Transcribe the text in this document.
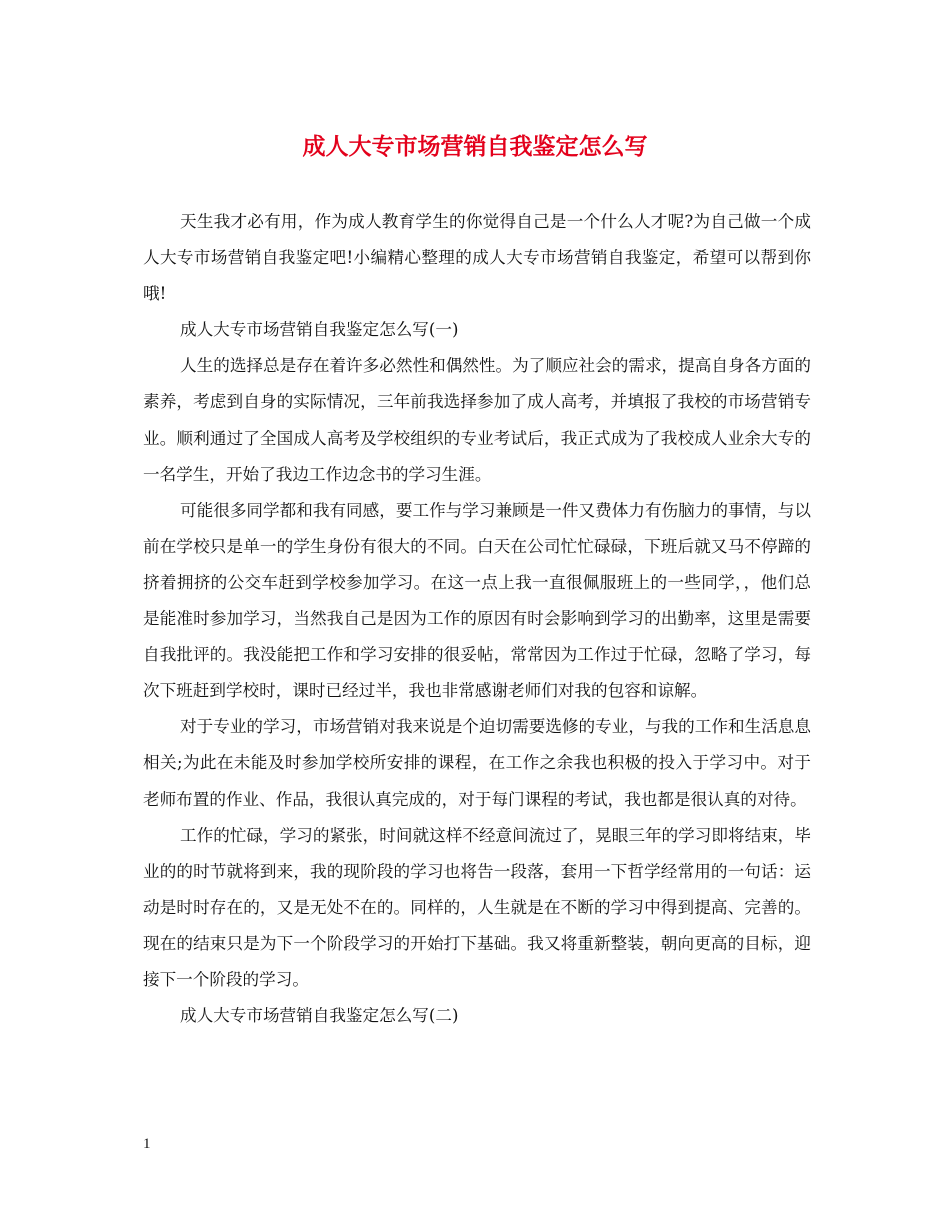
成人大专市场营销自我鉴定怎么写

天生我才必有用，作为成人教育学生的你觉得自己是一个什么人才呢?为自己做一个成人大专市场营销自我鉴定吧!小编精心整理的成人大专市场营销自我鉴定，希望可以帮到你哦!

成人大专市场营销自我鉴定怎么写(一)

人生的选择总是存在着许多必然性和偶然性。为了顺应社会的需求，提高自身各方面的素养，考虑到自身的实际情况，三年前我选择参加了成人高考，并填报了我校的市场营销专业。顺利通过了全国成人高考及学校组织的专业考试后，我正式成为了我校成人业余大专的一名学生，开始了我边工作边念书的学习生涯。

可能很多同学都和我有同感，要工作与学习兼顾是一件又费体力有伤脑力的事情，与以前在学校只是单一的学生身份有很大的不同。白天在公司忙忙碌碌，下班后就又马不停蹄的挤着拥挤的公交车赶到学校参加学习。在这一点上我一直很佩服班上的一些同学，，他们总是能准时参加学习，当然我自己是因为工作的原因有时会影响到学习的出勤率，这里是需要自我批评的。我没能把工作和学习安排的很妥帖，常常因为工作过于忙碌，忽略了学习，每次下班赶到学校时，课时已经过半，我也非常感谢老师们对我的包容和谅解。

对于专业的学习，市场营销对我来说是个迫切需要选修的专业，与我的工作和生活息息相关;为此在未能及时参加学校所安排的课程，在工作之余我也积极的投入于学习中。对于老师布置的作业、作品，我很认真完成的，对于每门课程的考试，我也都是很认真的对待。

工作的忙碌，学习的紧张，时间就这样不经意间流过了，晃眼三年的学习即将结束，毕业的的时节就将到来，我的现阶段的学习也将告一段落，套用一下哲学经常用的一句话：运动是时时存在的，又是无处不在的。同样的，人生就是在不断的学习中得到提高、完善的。现在的结束只是为下一个阶段学习的开始打下基础。我又将重新整装，朝向更高的目标，迎接下一个阶段的学习。

成人大专市场营销自我鉴定怎么写(二)

1
